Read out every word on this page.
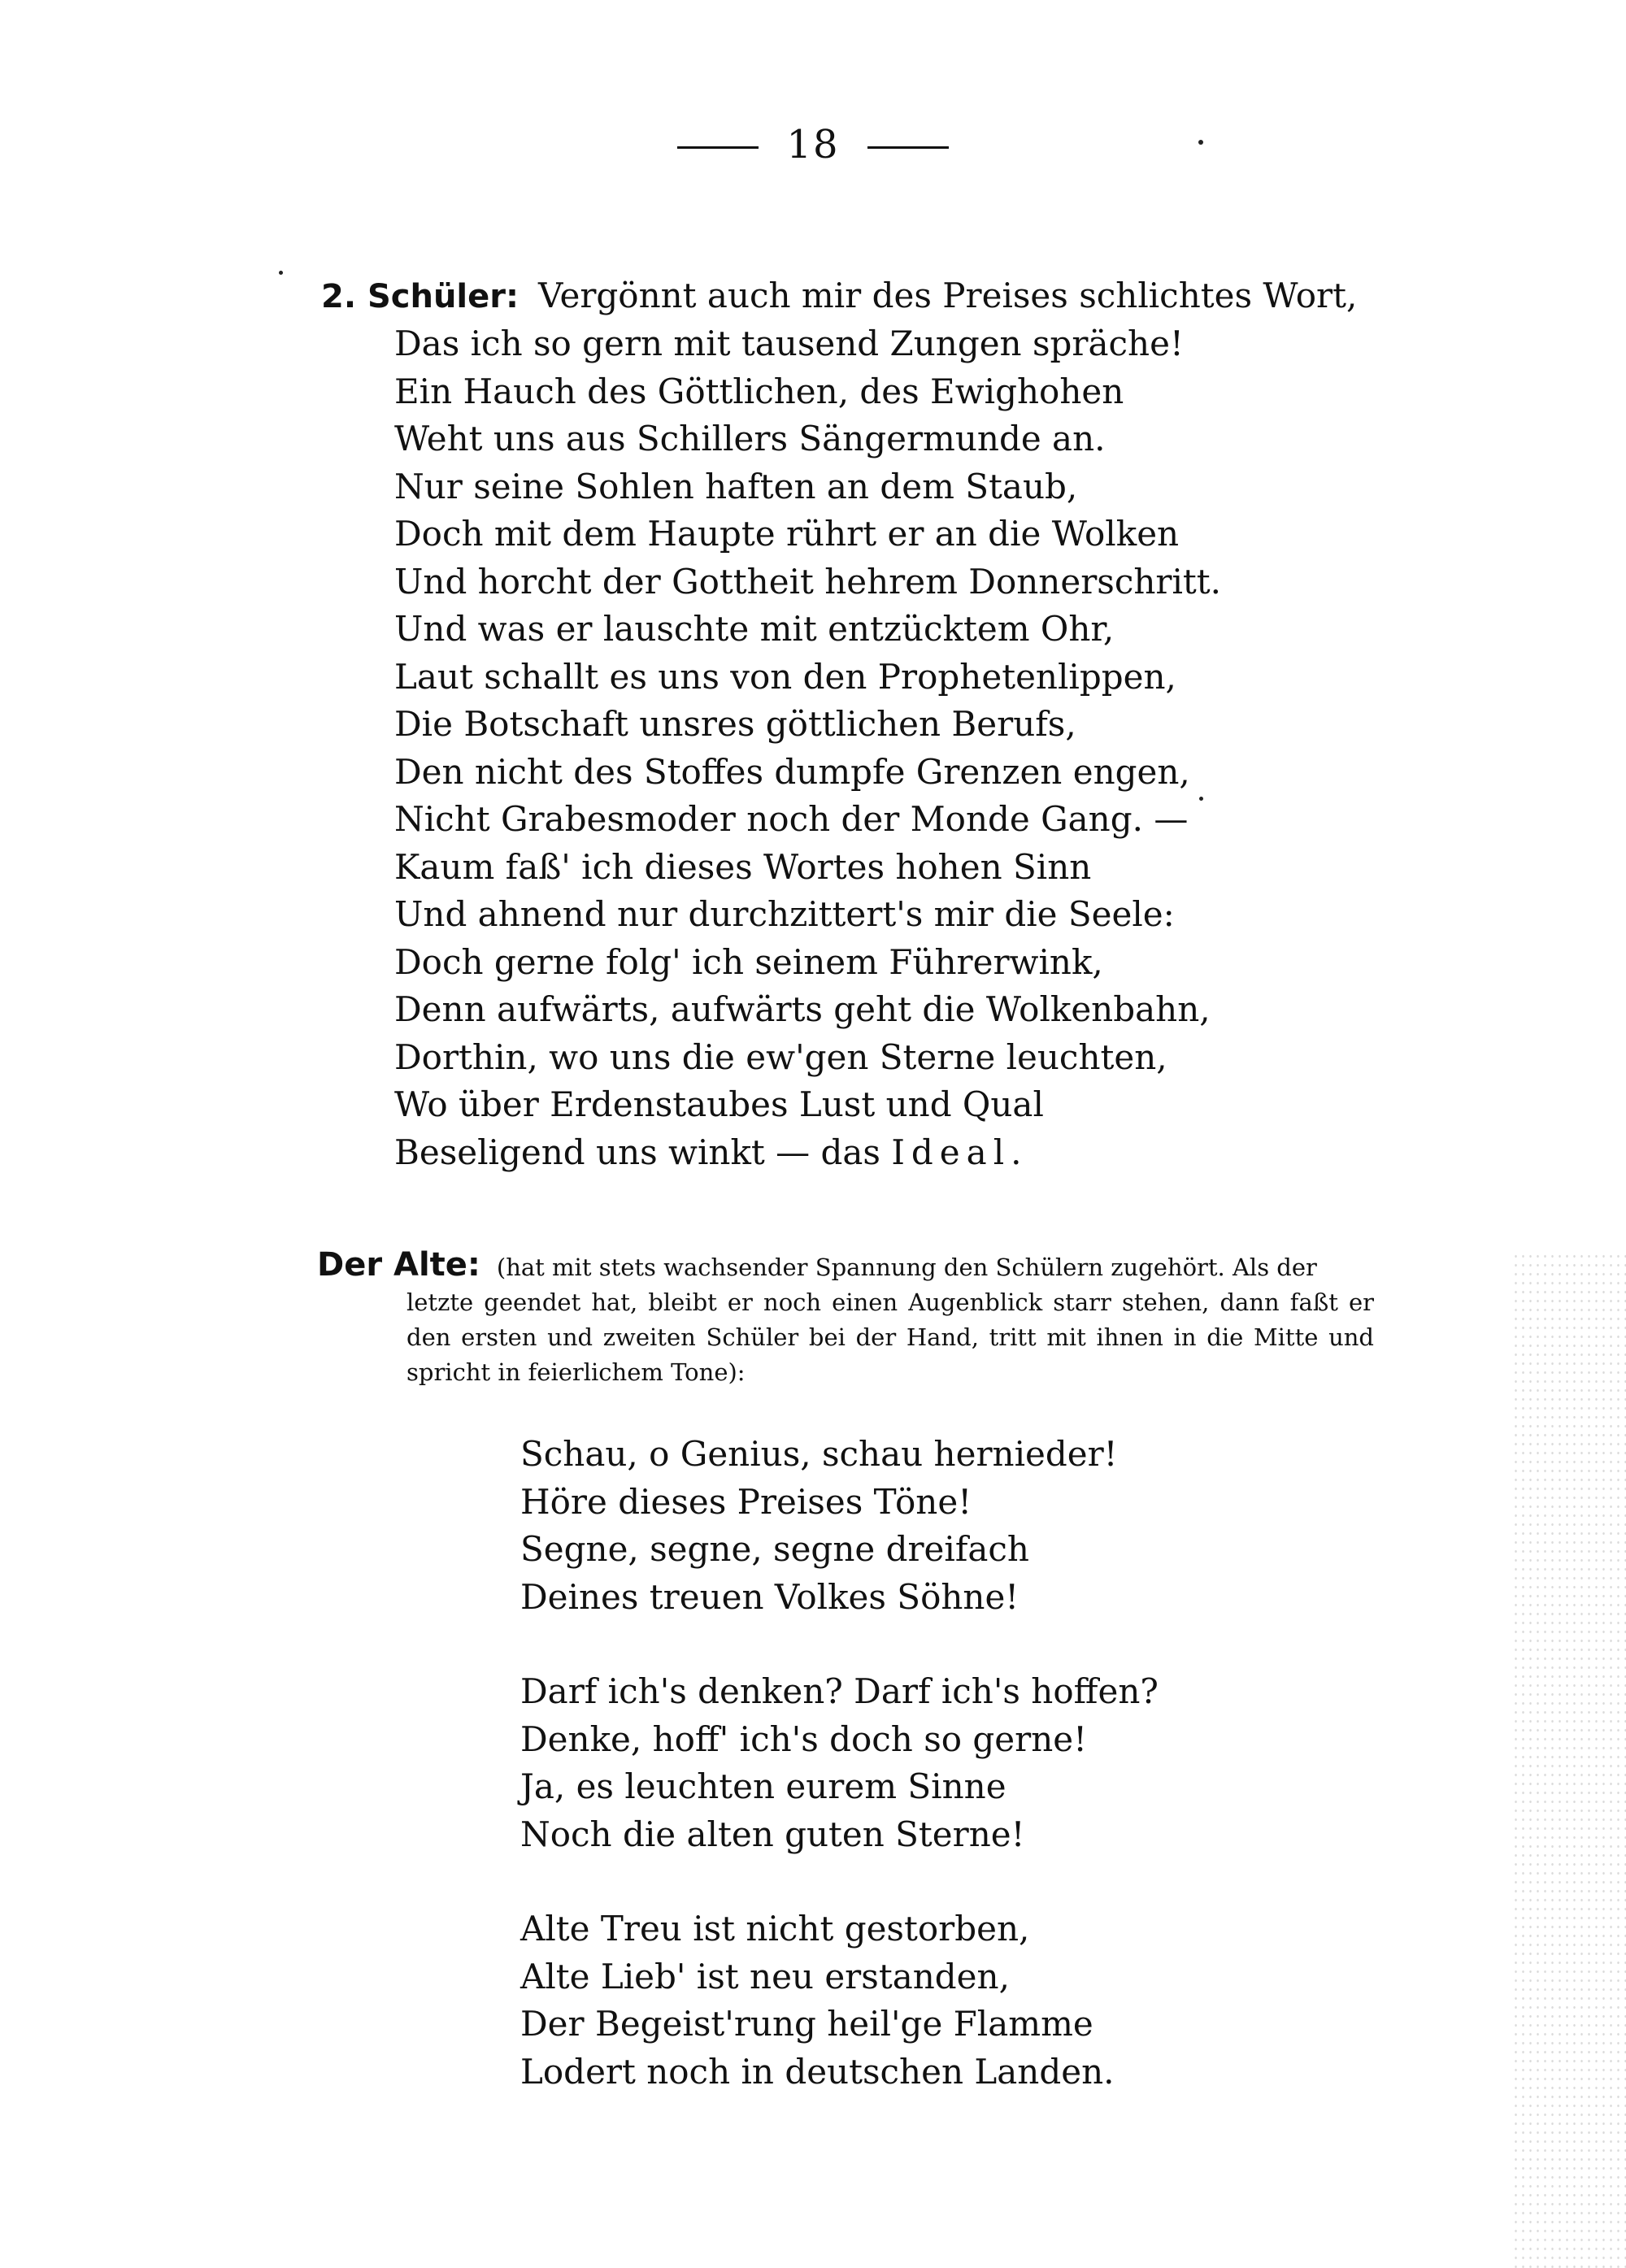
18
2. Schüler: Vergönnt auch mir des Preises schlichtes Wort,
Das ich so gern mit tausend Zungen spräche!
Ein Hauch des Göttlichen, des Ewighohen
Weht uns aus Schillers Sängermunde an.
Nur seine Sohlen haften an dem Staub,
Doch mit dem Haupte rührt er an die Wolken
Und horcht der Gottheit hehrem Donnerschritt.
Und was er lauschte mit entzücktem Ohr,
Laut schallt es uns von den Prophetenlippen,
Die Botschaft unsres göttlichen Berufs,
Den nicht des Stoffes dumpfe Grenzen engen,
Nicht Grabesmoder noch der Monde Gang. —
Kaum faß' ich dieses Wortes hohen Sinn
Und ahnend nur durchzittert's mir die Seele:
Doch gerne folg' ich seinem Führerwink,
Denn aufwärts, aufwärts geht die Wolkenbahn,
Dorthin, wo uns die ew'gen Sterne leuchten,
Wo über Erdenstaubes Lust und Qual
Beseligend uns winkt — das Ideal.
Der Alte: (hat mit stets wachsender Spannung den Schülern zugehört. Als der
letzte geendet hat, bleibt er noch einen Augenblick starr stehen, dann faßt er den ersten und zweiten Schüler bei der Hand, tritt mit ihnen in die Mitte und spricht in feierlichem Tone):
Schau, o Genius, schau hernieder!
Höre dieses Preises Töne!
Segne, segne, segne dreifach
Deines treuen Volkes Söhne!
Darf ich's denken? Darf ich's hoffen?
Denke, hoff' ich's doch so gerne!
Ja, es leuchten eurem Sinne
Noch die alten guten Sterne!
Alte Treu ist nicht gestorben,
Alte Lieb' ist neu erstanden,
Der Begeist'rung heil'ge Flamme
Lodert noch in deutschen Landen.
